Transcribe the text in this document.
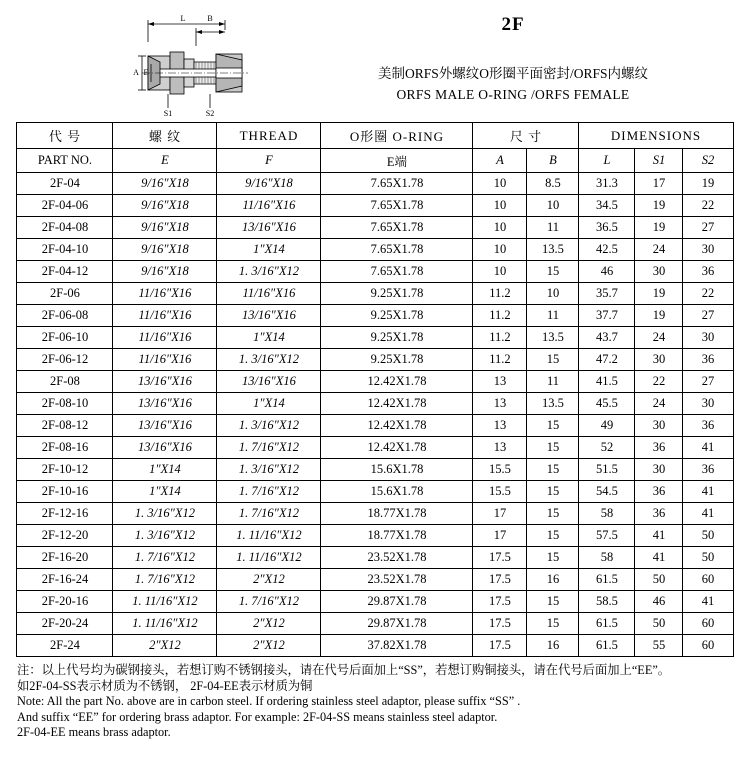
L	B
A E
S1	S2
2F
美制ORFS外螺纹O形圈平面密封/ORFS内螺纹
ORFS MALE O-RING /ORFS FEMALE
代 号	螺 纹	THREAD	O形圈 O-RING	尺 寸		DIMENSIONS		
PART NO.	E	F	E端	A	B	L	S1	S2
2F-04	9/16″X18	9/16″X18	7.65X1.78	10	8.5	31.3	17	19
2F-04-06	9/16″X18	11/16″X16	7.65X1.78	10	10	34.5	19	22
2F-04-08	9/16″X18	13/16″X16	7.65X1.78	10	11	36.5	19	27
2F-04-10	9/16″X18	1″X14	7.65X1.78	10	13.5	42.5	24	30
2F-04-12	9/16″X18	1. 3/16″X12	7.65X1.78	10	15	46	30	36
2F-06	11/16″X16	11/16″X16	9.25X1.78	11.2	10	35.7	19	22
2F-06-08	11/16″X16	13/16″X16	9.25X1.78	11.2	11	37.7	19	27
2F-06-10	11/16″X16	1″X14	9.25X1.78	11.2	13.5	43.7	24	30
2F-06-12	11/16″X16	1. 3/16″X12	9.25X1.78	11.2	15	47.2	30	36
2F-08	13/16″X16	13/16″X16	12.42X1.78	13	11	41.5	22	27
2F-08-10	13/16″X16	1″X14	12.42X1.78	13	13.5	45.5	24	30
2F-08-12	13/16″X16	1. 3/16″X12	12.42X1.78	13	15	49	30	36
2F-08-16	13/16″X16	1. 7/16″X12	12.42X1.78	13	15	52	36	41
2F-10-12	1″X14	1. 3/16″X12	15.6X1.78	15.5	15	51.5	30	36
2F-10-16	1″X14	1. 7/16″X12	15.6X1.78	15.5	15	54.5	36	41
2F-12-16	1. 3/16″X12	1. 7/16″X12	18.77X1.78	17	15	58	36	41
2F-12-20	1. 3/16″X12	1. 11/16″X12	18.77X1.78	17	15	57.5	41	50
2F-16-20	1. 7/16″X12	1. 11/16″X12	23.52X1.78	17.5	15	58	41	50
2F-16-24	1. 7/16″X12	2″X12	23.52X1.78	17.5	16	61.5	50	60
2F-20-16	1. 11/16″X12	1. 7/16″X12	29.87X1.78	17.5	15	58.5	46	41
2F-20-24	1. 11/16″X12	2″X12	29.87X1.78	17.5	15	61.5	50	60
2F-24	2″X12	2″X12	37.82X1.78	17.5	16	61.5	55	60
注：以上代号均为碳钢接头，若想订购不锈钢接头，请在代号后面加上“SS”，若想订购铜接头，请在代号后面加上“EE”。
如2F-04-SS表示材质为不锈钢， 2F-04-EE表示材质为铜
Note: All the part No. above are in carbon steel. If ordering stainless steel adaptor, please suffix “SS” .
And suffix “EE” for ordering brass adaptor. For example: 2F-04-SS means stainless steel adaptor.
2F-04-EE means brass adaptor.
